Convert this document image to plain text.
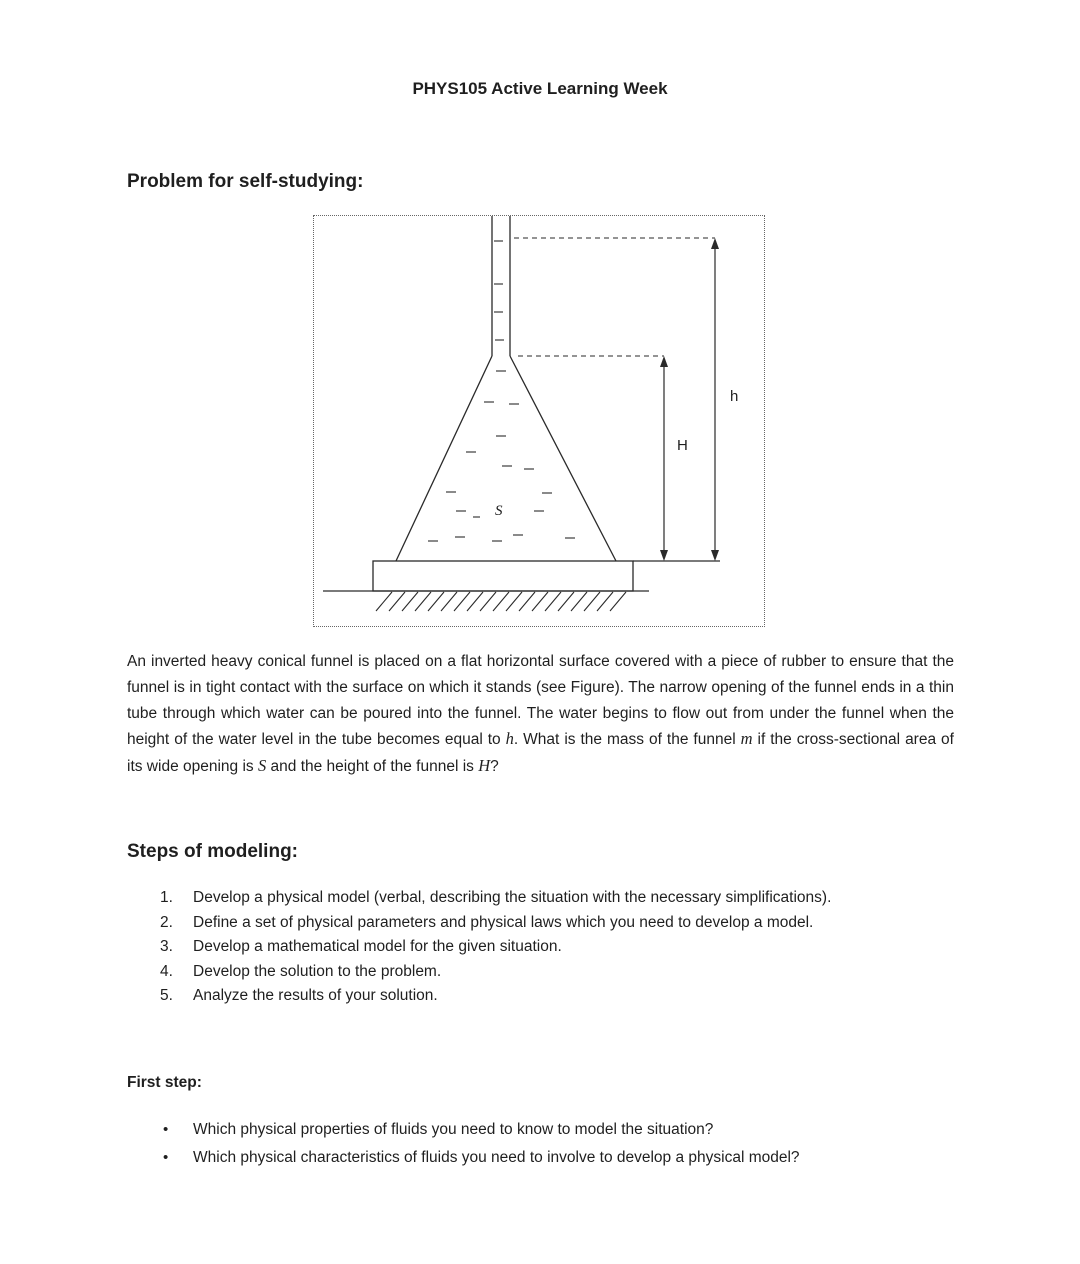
PHYS105 Active Learning Week
Problem for self-studying:
h
H
S

An inverted heavy conical funnel is placed on a flat horizontal surface covered with a piece of rubber to ensure that the funnel is in tight contact with the surface on which it stands (see Figure). The narrow opening of the funnel ends in a thin tube through which water can be poured into the funnel. The water begins to flow out from under the funnel when the height of the water level in the tube becomes equal to h. What is the mass of the funnel m if the cross-sectional area of its wide opening is S and the height of the funnel is H?

Steps of modeling:
1.	Develop a physical model (verbal, describing the situation with the necessary simplifications).
2.	Define a set of physical parameters and physical laws which you need to develop a model.
3.	Develop a mathematical model for the given situation.
4.	Develop the solution to the problem.
5.	Analyze the results of your solution.
First step:
•	Which physical properties of fluids you need to know to model the situation?
•	Which physical characteristics of fluids you need to involve to develop a physical model?
